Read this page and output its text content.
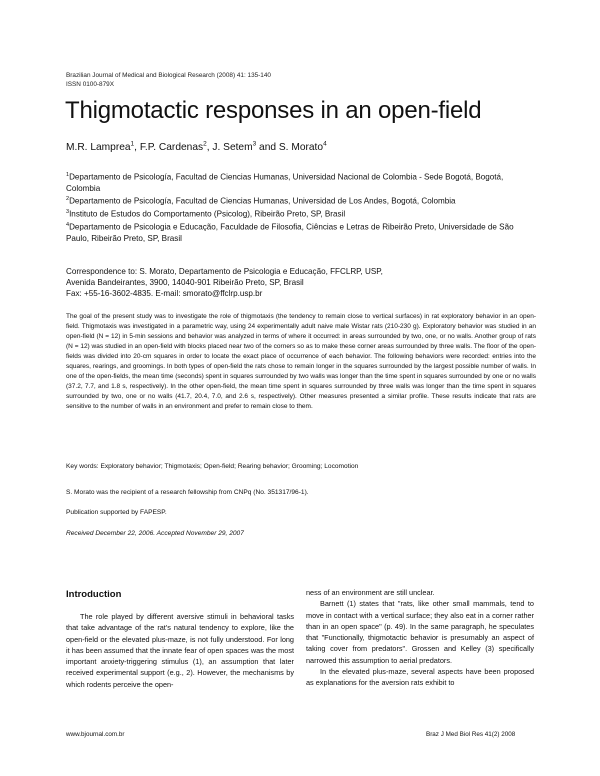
Brazilian Journal of Medical and Biological Research (2008) 41: 135-140
ISSN 0100-879X
Thigmotactic responses in an open-field
M.R. Lamprea$^1$, F.P. Cardenas$^2$, J. Setem$^3$ and S. Morato$^4$

$^1$Departamento de Psicología, Facultad de Ciencias Humanas, Universidad Nacional de Colombia - Sede Bogotá, Bogotá, Colombia

$^2$Departamento de Psicología, Facultad de Ciencias Humanas, Universidad de Los Andes, Bogotá, Colombia

$^3$Instituto de Estudos do Comportamento (Psicolog), Ribeirão Preto, SP, Brasil

$^4$Departamento de Psicologia e Educação, Faculdade de Filosofia, Ciências e Letras de Ribeirão Preto, Universidade de São Paulo, Ribeirão Preto, SP, Brasil

Correspondence to: S. Morato, Departamento de Psicologia e Educação, FFCLRP, USP,

Avenida Bandeirantes, 3900, 14040-901 Ribeirão Preto, SP, Brasil

Fax: +55-16-3602-4835. E-mail: smorato@ffclrp.usp.br

The goal of the present study was to investigate the role of thigmotaxis (the tendency to remain close to vertical surfaces) in rat exploratory behavior in an open-field. Thigmotaxis was investigated in a parametric way, using 24 experimentally adult naive male Wistar rats (210-230 g). Exploratory behavior was studied in an open-field (N = 12) in 5-min sessions and behavior was analyzed in terms of where it occurred: in areas surrounded by two, one, or no walls. Another group of rats (N = 12) was studied in an open-field with blocks placed near two of the corners so as to make these corner areas surrounded by three walls. The floor of the open-fields was divided into 20-cm squares in order to locate the exact place of occurrence of each behavior. The following behaviors were recorded: entries into the squares, rearings, and groomings. In both types of open-field the rats chose to remain longer in the squares surrounded by the largest possible number of walls. In one of the open-fields, the mean time (seconds) spent in squares surrounded by two walls was longer than the time spent in squares surrounded by one or no walls (37.2, 7.7, and 1.8 s, respectively). In the other open-field, the mean time spent in squares surrounded by three walls was longer than the time spent in squares surrounded by two, one or no walls (41.7, 20.4, 7.0, and 2.6 s, respectively). Other measures presented a similar profile. These results indicate that rats are sensitive to the number of walls in an environment and prefer to remain close to them.

Key words: Exploratory behavior; Thigmotaxis; Open-field; Rearing behavior; Grooming; Locomotion

S. Morato was the recipient of a research fellowship from CNPq (No. 351317/96-1).

Publication supported by FAPESP.

Received December 22, 2006. Accepted November 29, 2007

Introduction

The role played by different aversive stimuli in behavioral tasks that take advantage of the rat's natural tendency to explore, like the open-field or the elevated plus-maze, is not fully understood. For long it has been assumed that the innate fear of open spaces was the most important anxiety-triggering stimulus (1), an assumption that later received experimental support (e.g., 2). However, the mechanisms by which rodents perceive the open-

ness of an environment are still unclear.

Barnett (1) states that "rats, like other small mammals, tend to move in contact with a vertical surface; they also eat in a corner rather than in an open space" (p. 49). In the same paragraph, he speculates that "Functionally, thigmotactic behavior is presumably an aspect of taking cover from predators". Grossen and Kelley (3) specifically narrowed this assumption to aerial predators.

In the elevated plus-maze, several aspects have been proposed as explanations for the aversion rats exhibit to

www.bjournal.com.br	Braz J Med Biol Res 41(2) 2008
